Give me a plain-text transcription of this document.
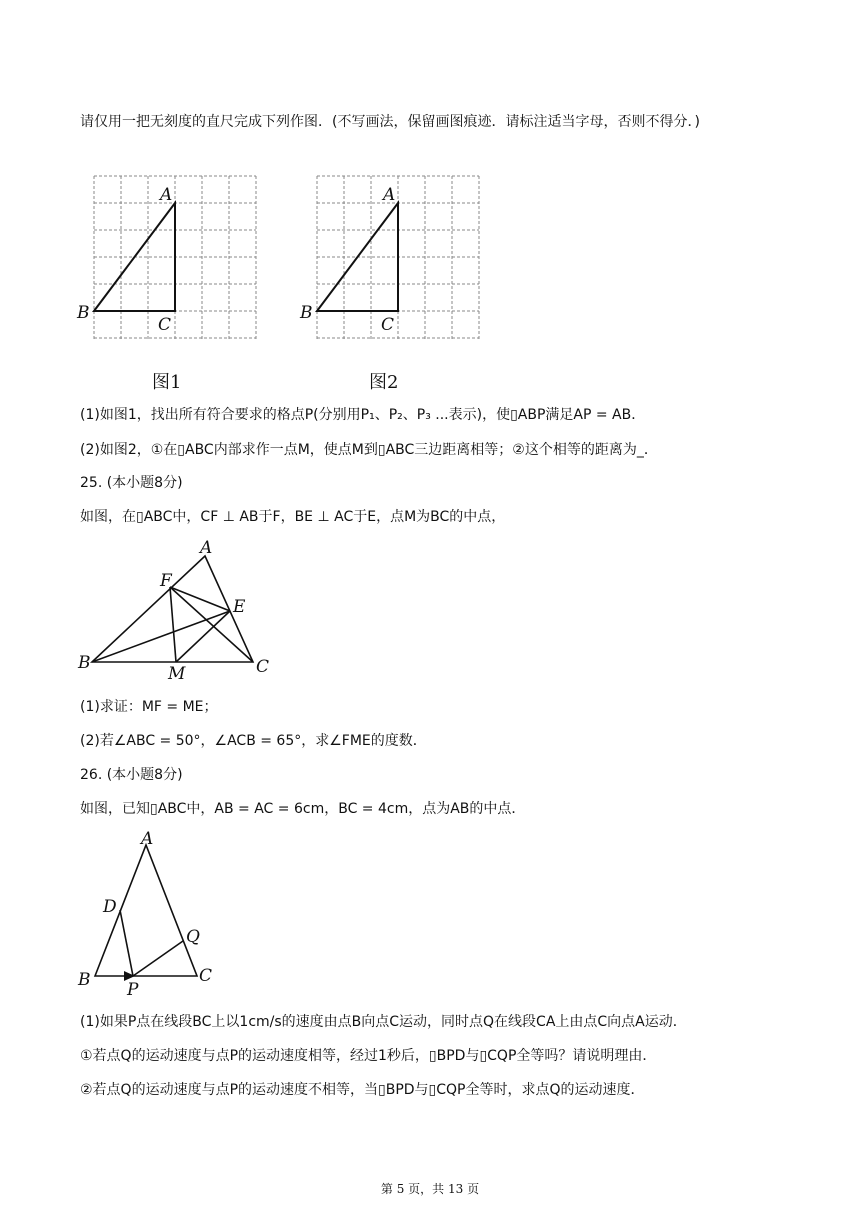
请仅用一把无刻度的直尺完成下列作图．(不写画法，保留画图痕迹．请标注适当字母，否则不得分．)
A
B
C
图1
A
B
C
图2
(1)如图1，找出所有符合要求的格点P(分别用P₁、P₂、P₃ ...表示)，使▯ABP满足AP = AB．
(2)如图2，①在▯ABC内部求作一点M，使点M到▯ABC三边距离相等；②这个相等的距离为_．
25. (本小题8分)
如图，在▯ABC中，CF ⊥ AB于F，BE ⊥ AC于E，点M为BC的中点，
A
B	C
E
F
M
(1)求证：MF = ME；
(2)若∠ABC = 50°，∠ACB = 65°，求∠FME的度数．
26. (本小题8分)
如图，已知▯ABC中，AB = AC = 6cm，BC = 4cm，点为AB的中点．
A
B	C
D
P
Q
(1)如果P点在线段BC上以1cm/s的速度由点B向点C运动，同时点Q在线段CA上由点C向点A运动．
①若点Q的运动速度与点P的运动速度相等，经过1秒后，▯BPD与▯CQP全等吗？请说明理由．
②若点Q的运动速度与点P的运动速度不相等，当▯BPD与▯CQP全等时，求点Q的运动速度．
第 5 页，共 13 页
